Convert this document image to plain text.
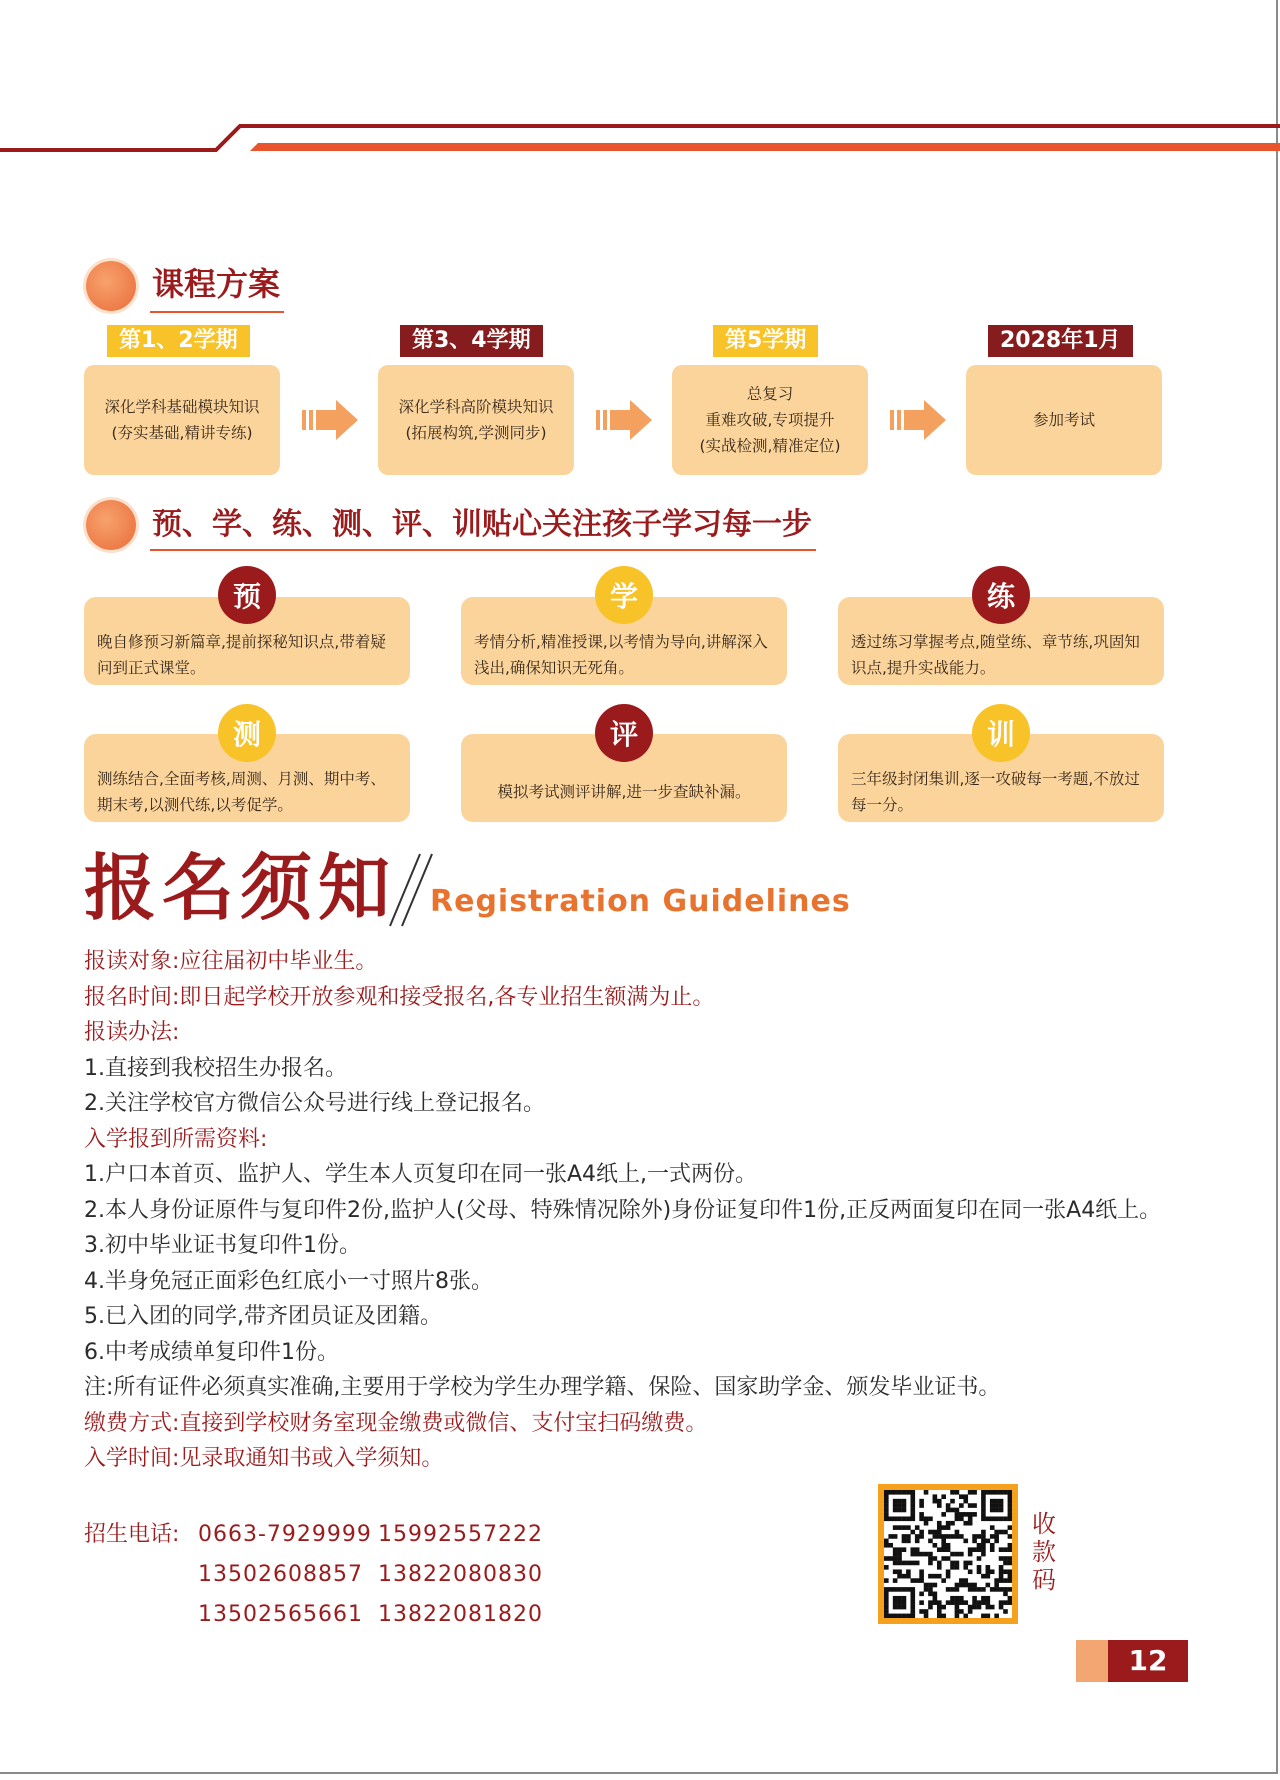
课程方案
第1、2学期	第3、4学期	第5学期	2028年1月
深化学科基础模块知识
(夯实基础,精讲专练)
深化学科高阶模块知识
(拓展构筑,学测同步)
总复习
重难攻破,专项提升
(实战检测,精准定位)
参加考试
预、学、练、测、评、训贴心关注孩子学习每一步
晚自修预习新篇章,提前探秘知识点,带着疑问到正式课堂。
预
考情分析,精准授课,以考情为导向,讲解深入浅出,确保知识无死角。
学
透过练习掌握考点,随堂练、章节练,巩固知识点,提升实战能力。
练
测练结合,全面考核,周测、月测、期中考、期末考,以测代练,以考促学。
测
模拟考试测评讲解,进一步查缺补漏。
评
三年级封闭集训,逐一攻破每一考题,不放过每一分。
训
报名须知 Registration Guidelines
报读对象:应往届初中毕业生。
报名时间:即日起学校开放参观和接受报名,各专业招生额满为止。
报读办法:
1.直接到我校招生办报名。
2.关注学校官方微信公众号进行线上登记报名。
入学报到所需资料:
1.户口本首页、监护人、学生本人页复印在同一张A4纸上,一式两份。
2.本人身份证原件与复印件2份,监护人(父母、特殊情况除外)身份证复印件1份,正反两面复印在同一张A4纸上。
3.初中毕业证书复印件1份。
4.半身免冠正面彩色红底小一寸照片8张。
5.已入团的同学,带齐团员证及团籍。
6.中考成绩单复印件1份。
注:所有证件必须真实准确,主要用于学校为学生办理学籍、保险、国家助学金、颁发毕业证书。
缴费方式:直接到学校财务室现金缴费或微信、支付宝扫码缴费。
入学时间:见录取通知书或入学须知。
招生电话: 0663-7929999 15992557222
13502608857 13822080830
13502565661 13822081820
收款码
12
